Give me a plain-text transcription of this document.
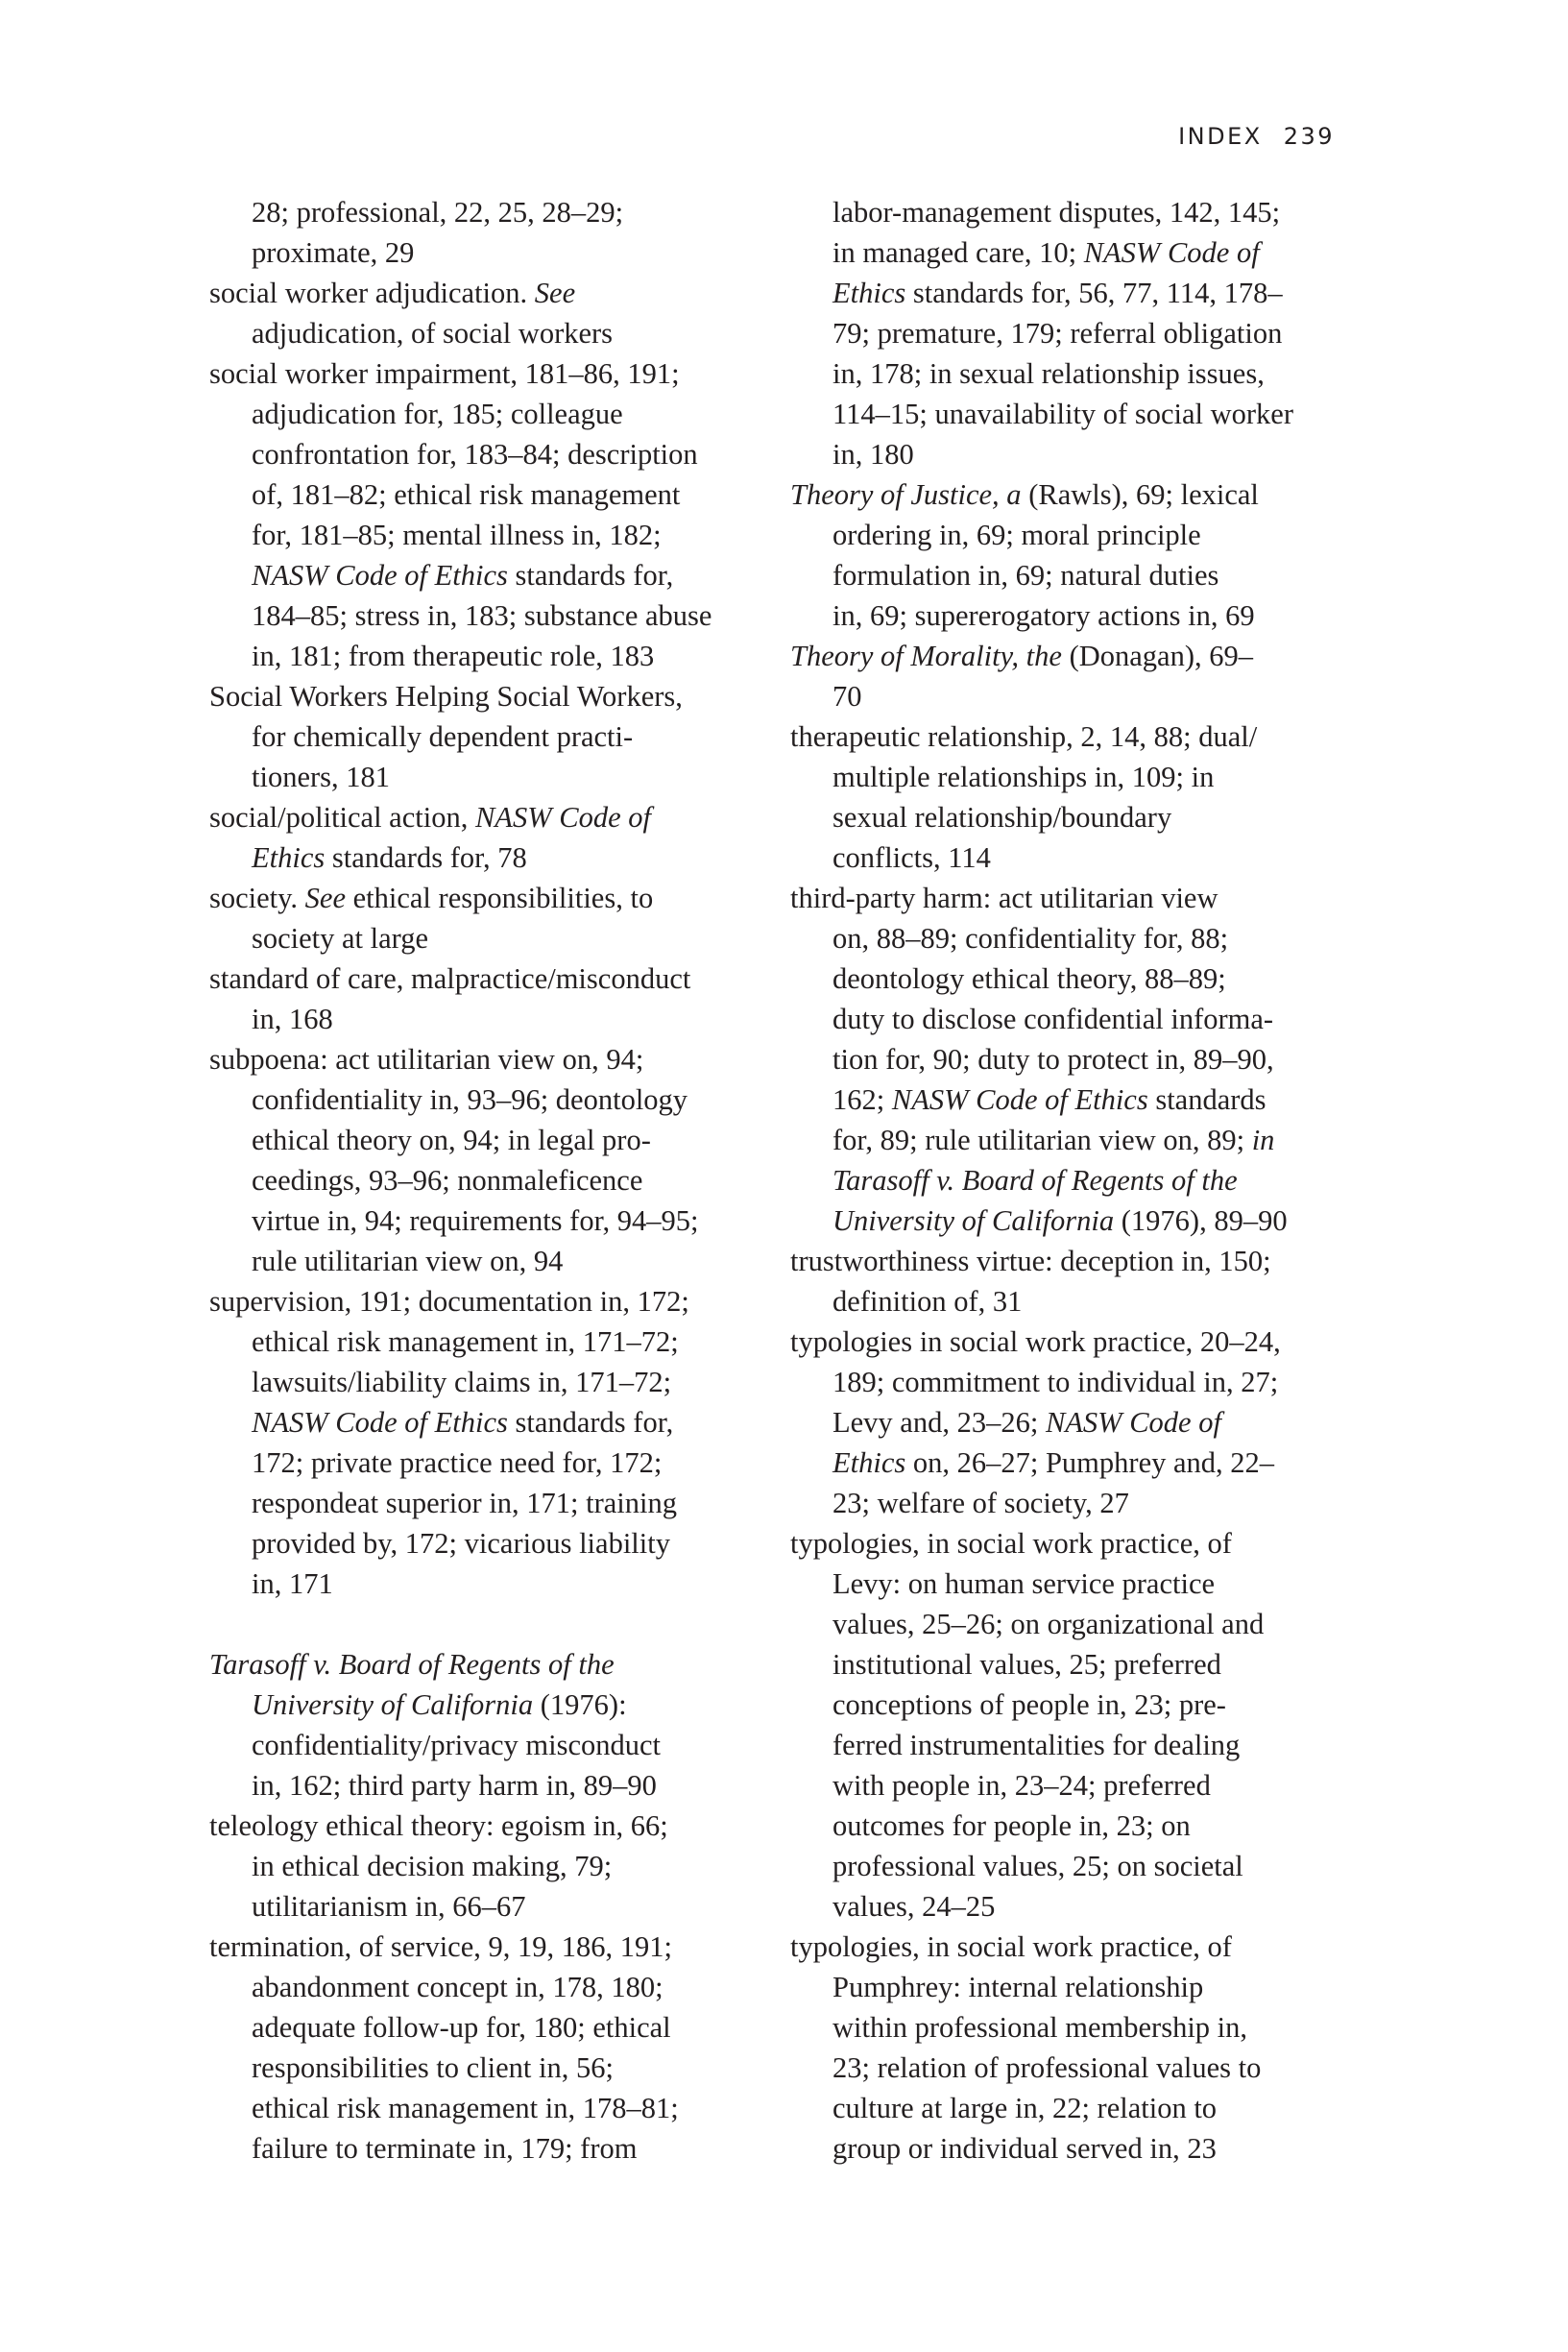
INDEX 239
28; professional, 22, 25, 28–29;
proximate, 29
social worker adjudication. See
adjudication, of social workers
social worker impairment, 181–86, 191;
adjudication for, 185; colleague
confrontation for, 183–84; description
of, 181–82; ethical risk management
for, 181–85; mental illness in, 182;
NASW Code of Ethics standards for,
184–85; stress in, 183; substance abuse
in, 181; from therapeutic role, 183
Social Workers Helping Social Workers,
for chemically dependent practi-
tioners, 181
social/political action, NASW Code of
Ethics standards for, 78
society. See ethical responsibilities, to
society at large
standard of care, malpractice/misconduct
in, 168
subpoena: act utilitarian view on, 94;
confidentiality in, 93–96; deontology
ethical theory on, 94; in legal pro-
ceedings, 93–96; nonmaleficence
virtue in, 94; requirements for, 94–95;
rule utilitarian view on, 94
supervision, 191; documentation in, 172;
ethical risk management in, 171–72;
lawsuits/liability claims in, 171–72;
NASW Code of Ethics standards for,
172; private practice need for, 172;
respondeat superior in, 171; training
provided by, 172; vicarious liability
in, 171
Tarasoff v. Board of Regents of the
University of California (1976):
confidentiality/privacy misconduct
in, 162; third party harm in, 89–90
teleology ethical theory: egoism in, 66;
in ethical decision making, 79;
utilitarianism in, 66–67
termination, of service, 9, 19, 186, 191;
abandonment concept in, 178, 180;
adequate follow-up for, 180; ethical
responsibilities to client in, 56;
ethical risk management in, 178–81;
failure to terminate in, 179; from
labor-management disputes, 142, 145;
in managed care, 10; NASW Code of
Ethics standards for, 56, 77, 114, 178–
79; premature, 179; referral obligation
in, 178; in sexual relationship issues,
114–15; unavailability of social worker
in, 180
Theory of Justice, a (Rawls), 69; lexical
ordering in, 69; moral principle
formulation in, 69; natural duties
in, 69; supererogatory actions in, 69
Theory of Morality, the (Donagan), 69–
70
therapeutic relationship, 2, 14, 88; dual/
multiple relationships in, 109; in
sexual relationship/boundary
conflicts, 114
third-party harm: act utilitarian view
on, 88–89; confidentiality for, 88;
deontology ethical theory, 88–89;
duty to disclose confidential informa-
tion for, 90; duty to protect in, 89–90,
162; NASW Code of Ethics standards
for, 89; rule utilitarian view on, 89; in
Tarasoff v. Board of Regents of the
University of California (1976), 89–90
trustworthiness virtue: deception in, 150;
definition of, 31
typologies in social work practice, 20–24,
189; commitment to individual in, 27;
Levy and, 23–26; NASW Code of
Ethics on, 26–27; Pumphrey and, 22–
23; welfare of society, 27
typologies, in social work practice, of
Levy: on human service practice
values, 25–26; on organizational and
institutional values, 25; preferred
conceptions of people in, 23; pre-
ferred instrumentalities for dealing
with people in, 23–24; preferred
outcomes for people in, 23; on
professional values, 25; on societal
values, 24–25
typologies, in social work practice, of
Pumphrey: internal relationship
within professional membership in,
23; relation of professional values to
culture at large in, 22; relation to
group or individual served in, 23
